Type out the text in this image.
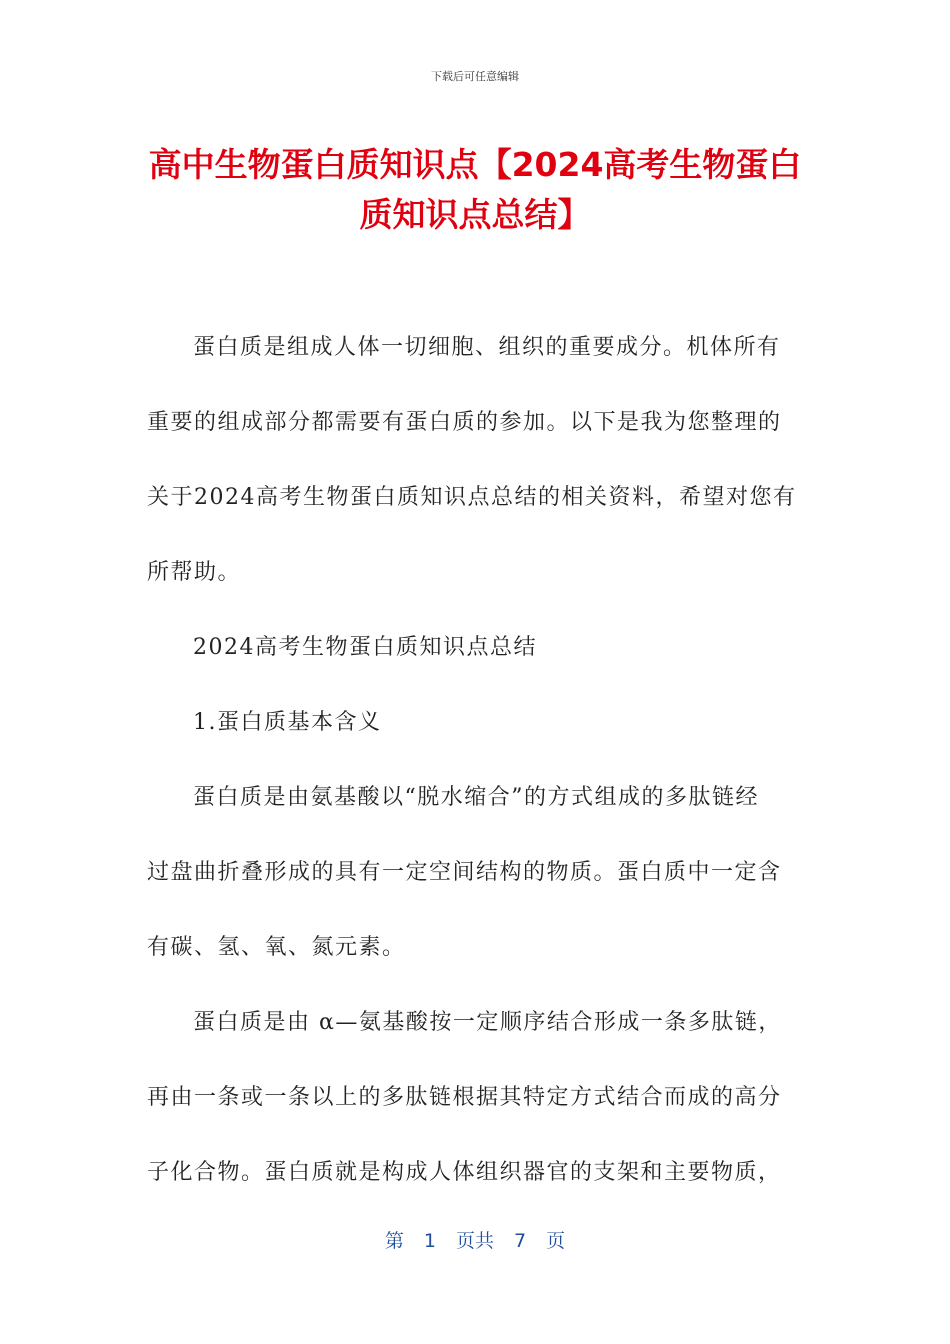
下载后可任意编辑
高中生物蛋白质知识点【2024高考生物蛋白
质知识点总结】
蛋白质是组成人体一切细胞、组织的重要成分。机体所有
重要的组成部分都需要有蛋白质的参加。以下是我为您整理的
关于2024高考生物蛋白质知识点总结的相关资料，希望对您有
所帮助。
2024高考生物蛋白质知识点总结
1.蛋白质基本含义
蛋白质是由氨基酸以“脱水缩合”的方式组成的多肽链经
过盘曲折叠形成的具有一定空间结构的物质。蛋白质中一定含
有碳、氢、氧、氮元素。
蛋白质是由 α—氨基酸按一定顺序结合形成一条多肽链，
再由一条或一条以上的多肽链根据其特定方式结合而成的高分
子化合物。蛋白质就是构成人体组织器官的支架和主要物质，
第 1 页共 7 页
